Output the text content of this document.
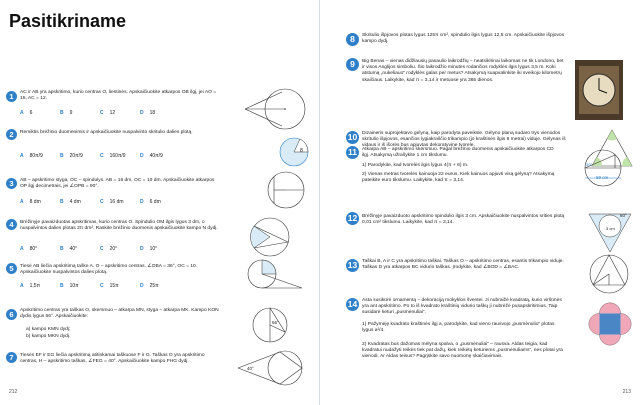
Pasitikriname
1	AC ir AB yra apskritimo, kurio centras O, liestinės. Apskaičiuokite atkarpos OB ilgį, jei AO = 15, AC = 12.
A 6	B 9	C 12	D 18
2	Remiktis brėžinio duomenimis ir apskaičiuokite nuspalvinto skritulio dalies plotą.
A 80π/9	B 20π/9	C 160π/9	D 40π/9
8
3	AB – apskritimo styga, OC – spindulys. AB = 16 dm, OC = 10 dm. Apskaičiuokite atkarpos OP ilgį decimetrais, jei ∠OPB = 90°.
A 8 dm	B 4 dm	C 16 dm	D 6 dm
4	Brėžinyje pavaizduotas apskritimas, kurio centras O. Spindulio OM ilgis lygus 3 dm, o nuspalvintos dalies plotas 2π dm². Raskite brėžinio duomenis apskaičiuokite kampo N dydį.
A 80°	B 40°	C 20°	D 10°
5	Tiesė AB liečia apskritimą taške A. O – apskritimo centras. ∠OBA = 36°, OC = 10. Apskaičiuokite nuspalvintos dalies plotą.
A 1,5π	B 10π	C 15π	D 25π
6	Apskritimo centras yra taškas O, skersmuo – atkarpa MN, styga – atkarpa MK. Kampo KON dydis lygus 56°. Apskaičiuokite:
a) kampo KMN dydį;
b) kampo MKN dydį.
56°
7	Tiesės EF ir EG liečia apskritimą atitinkamai taškuose F ir G. Taškas O yra apskritimo centras, H – apskritimo taškas, ∠FEG = 40°. Apskaičiuokite kampo FHG dydį.
40°
212
8	Skritulio išpjovos plotas lygus 125π cm², spindulio ilgis lygus 12,5 cm. Apskaičiuokite išpjovos kampo dydį.
9	Big Benas – vienas didžiausių pasaulio laikrodžių – neatsiklrinai laikomas ne tik Londono, bet ir visos Anglijos simboliu. Šio laikrodžio minutes rodančios rodyklės ilgis lygus 3,5 m. Koki atstumą „nukeliauo“ rodyklės galas per metus? Atsakymą suapvalinkite iki sveikojo kilometrų skaičiaus. Laikykite, kad π = 3,14 ir metuose yra 365 dienos.
10 Dizaineris suprojektavo gėlyną, kaip parodyta paveiksle. Gėlyno planą sudaro trys vienodos skritulio išpjovos, esančios lygiakraščio trikampio (jo kraštinės ilgis 8 metrai) viduje. Gėlynas iš vidaus ir iš išorės bus apjuvtas dekoratyvine tvorele.
1) Parodykite, kad tvorelės ilgis lygus 4(π + 6) m.
2) Vienas metras tvorelės kainuoja 22 eurus. Kiek kainuos apjuvti visą gėlyną? Atsakymą pateikite euro tikslumu. Laikykite, kad π = 3,14.
11	Atkarpa AB – apskritimo skersmuo. Pagal brėžinio duomenis apskaičiuokite atkarpos CD ilgį. Atsakymą užrašykite 1 cm tikslumu.
59 cm
30°
12 Brėžinyje pavaizduoto apskritimo spindulio ilgis 3 cm. Apskaičiuokite nuspalvintos srities plotą 0,01 cm² tikslumu. Laikykite, kad π = 3,14.
60°
3 cm
13 Taškai B, A ir C yra apskritimo taškai. Taškas O – apskritimo centras, esantis trikampio viduje. Taškas D yra atkarpos BC vidurio taškas. Įrodykite, kad ∠BOD = ∠BAC.
14 Asta susikūrė ornamentą – dekoraciją mokyklos šventei. Ji nubraižė kvadratą, kurio viršūnės yra ant apskritimo. Po to iš kvadrato kraštinių vidurio taškų ji nubrėžė pusapskritimius. Taip susidarė keturi „pusmėnuliai“.
1) Pažymėję kvadrato kraštinės ilgį a, parodykite, kad vieno rausvojo „pusmėnulio“ plotas lygus a²/4.
2) Kvadratas bus dažomas mėlyna spalva, o „pusmėnuliai“ – rausva. Aldas teigia, kad kvadratui nudažyti reikės tiek pat dažų, kiek reikėtų keturiems „pusmėnuliams“, nes plotai yra vienodi. Ar Aldas teisus? Pagrįskite savo nuomonę skaičiavimais.
213
